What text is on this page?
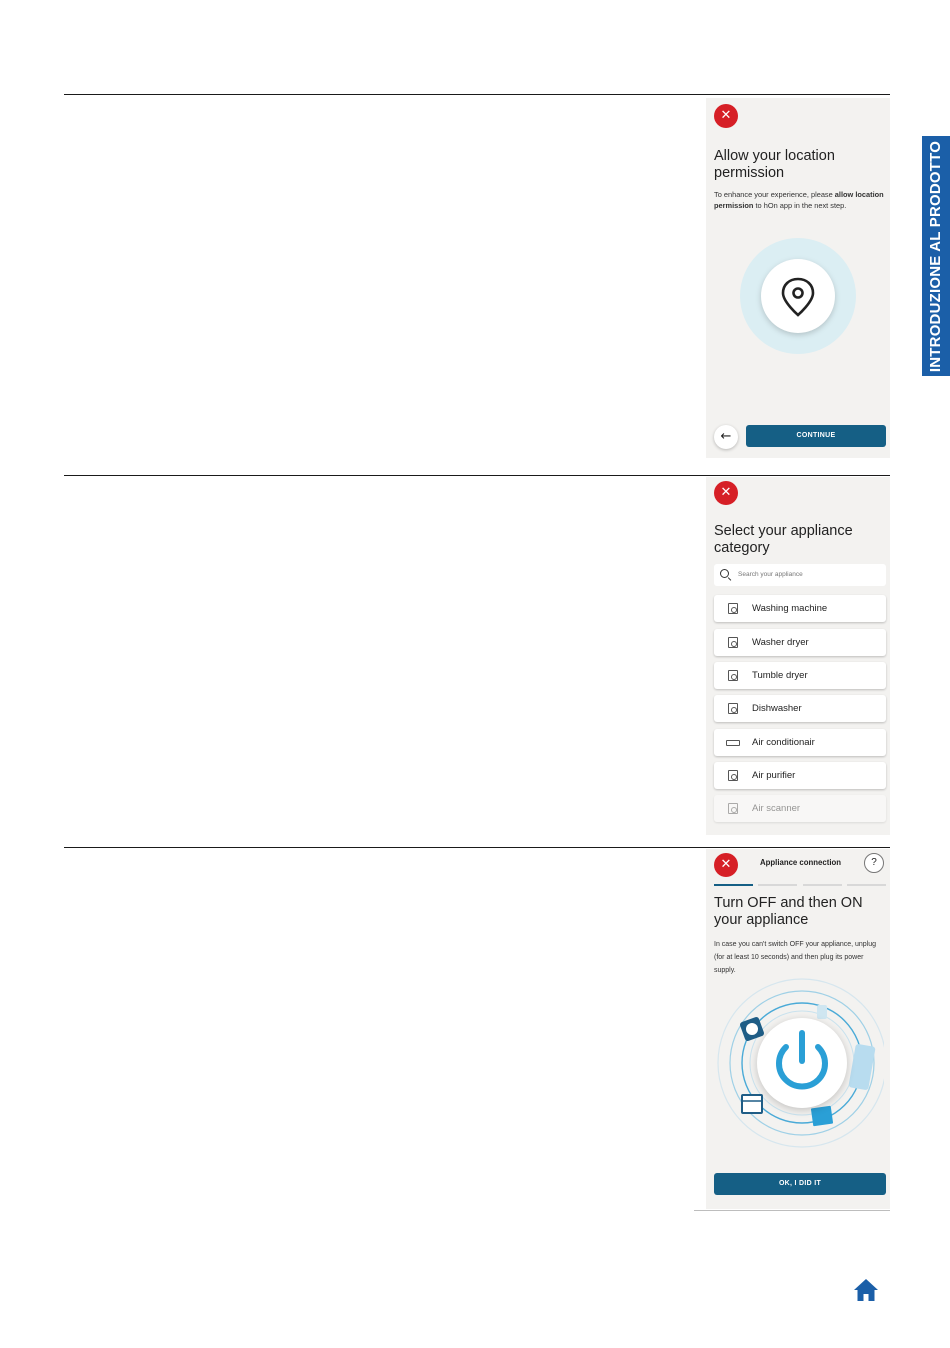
INTRODUZIONE AL PRODOTTO
✕
Allow your location
permission
To enhance your experience, please allow location permission to hOn app in the next step.
←	CONTINUE
✕
Select your appliance
category
Search your appliance
Washing machine
Washer dryer
Tumble dryer
Dishwasher
Air conditionair
Air purifier
Air scanner
✕	Appliance connection	?
Turn OFF and then ON
your appliance
In case you can't switch OFF your appliance, unplug (for at least 10 seconds) and then plug its power supply.
OK, I DID IT
